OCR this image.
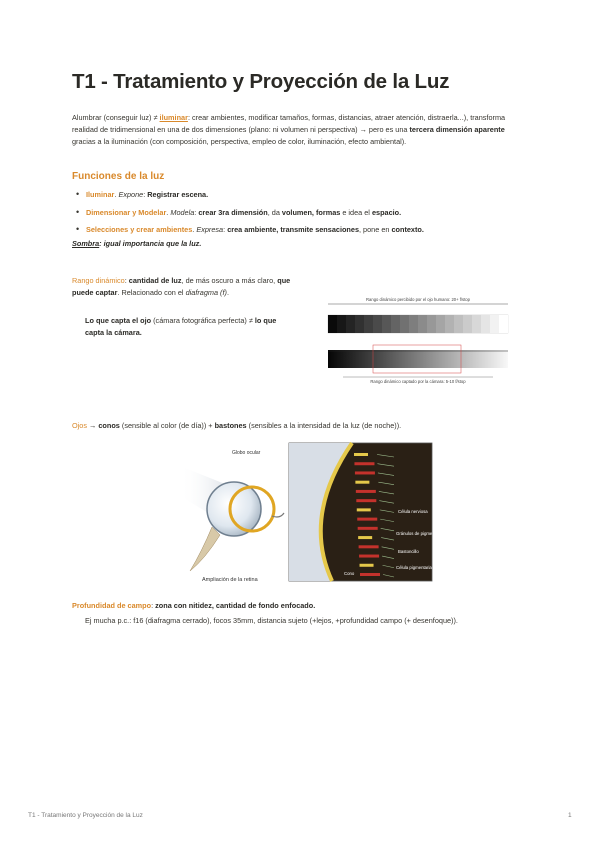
T1 - Tratamiento y Proyección de la Luz
Alumbrar (conseguir luz) ≠ iluminar: crear ambientes, modificar tamaños, formas, distancias, atraer atención, distraerla...), transforma realidad de tridimensional en una de dos dimensiones (plano: ni volumen ni perspectiva) → pero es una tercera dimensión aparente gracias a la iluminación (con composición, perspectiva, empleo de color, iluminación, efecto ambiental).
Funciones de la luz
• Iluminar. Expone: Registrar escena.
• Dimensionar y Modelar. Modela: crear 3ra dimensión, da volumen, formas e idea el espacio.
• Selecciones y crear ambientes. Expresa: crea ambiente, transmite sensaciones, pone en contexto.
Sombra: igual importancia que la luz.
Rango dinámico: cantidad de luz, de más oscuro a más claro, que puede captar. Relacionado con el diafragma (f).
Lo que capta el ojo (cámara fotográfica perfecta) ≠ lo que capta la cámara.
Rango dinámico percibido por el ojo humano: 20+ f/stop
Rango dinámico captado por la cámara: 5-10 f/stop
Ojos → conos (sensible al color (de día)) + bastones (sensibles a la intensidad de la luz (de noche)).
Globo ocular
Ampliación de la retina
Célula nerviosa
Gránulos de pigmento
Bastoncillo
Cono
Célula pigmentaria
Profundidad de campo: zona con nitidez, cantidad de fondo enfocado.
Ej mucha p.c.: f16 (diafragma cerrado), focos 35mm, distancia sujeto (+lejos, +profundidad campo (+ desenfoque)).
T1 - Tratamiento y Proyección de la Luz	1
